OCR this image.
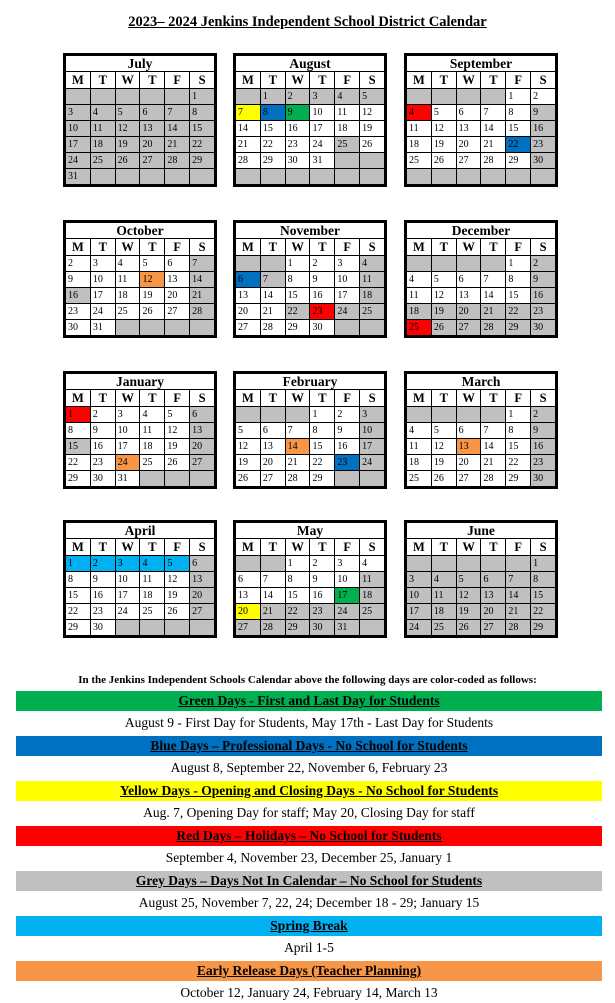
2023– 2024 Jenkins Independent School District Calendar
July
M	T	W	T	F	S
					1
3	4	5	6	7	8
10	11	12	13	14	15
17	18	19	20	21	22
24	25	26	27	28	29
31					
August
M	T	W	T	F	S
	1	2	3	4	5
7	8	9	10	11	12
14	15	16	17	18	19
21	22	23	24	25	26
28	29	30	31		

September
M	T	W	T	F	S
				1	2
4	5	6	7	8	9
11	12	13	14	15	16
18	19	20	21	22	23
25	26	27	28	29	30

October
M	T	W	T	F	S
2	3	4	5	6	7
9	10	11	12	13	14
16	17	18	19	20	21
23	24	25	26	27	28
30	31				
November
M	T	W	T	F	S
		1	2	3	4
6	7	8	9	10	11
13	14	15	16	17	18
20	21	22	23	24	25
27	28	29	30		
December
M	T	W	T	F	S
				1	2
4	5	6	7	8	9
11	12	13	14	15	16
18	19	20	21	22	23
25	26	27	28	29	30
January
M	T	W	T	F	S
1	2	3	4	5	6
8	9	10	11	12	13
15	16	17	18	19	20
22	23	24	25	26	27
29	30	31			
February
M	T	W	T	F	S
			1	2	3
5	6	7	8	9	10
12	13	14	15	16	17
19	20	21	22	23	24
26	27	28	29		
March
M	T	W	T	F	S
				1	2
4	5	6	7	8	9
11	12	13	14	15	16
18	19	20	21	22	23
25	26	27	28	29	30
April
M	T	W	T	F	S
1	2	3	4	5	6
8	9	10	11	12	13
15	16	17	18	19	20
22	23	24	25	26	27
29	30				
May
M	T	W	T	F	S
		1	2	3	4
6	7	8	9	10	11
13	14	15	16	17	18
20	21	22	23	24	25
27	28	29	30	31	
June
M	T	W	T	F	S
					1
3	4	5	6	7	8
10	11	12	13	14	15
17	18	19	20	21	22
24	25	26	27	28	29
In the Jenkins Independent Schools Calendar above the following days are color-coded as follows:
Green Days - First and Last Day for Students
August 9 - First Day for Students, May 17th - Last Day for Students
Blue Days – Professional Days - No School for Students
August 8, September 22, November 6, February 23
Yellow Days - Opening and Closing Days - No School for Students
Aug. 7, Opening Day for staff; May 20, Closing Day for staff
Red Days – Holidays – No School for Students
September 4, November 23, December 25, January 1
Grey Days – Days Not In Calendar – No School for Students
August 25, November 7, 22, 24; December 18 - 29; January 15
Spring Break
April 1-5
Early Release Days (Teacher Planning)
October 12, January 24, February 14, March 13
